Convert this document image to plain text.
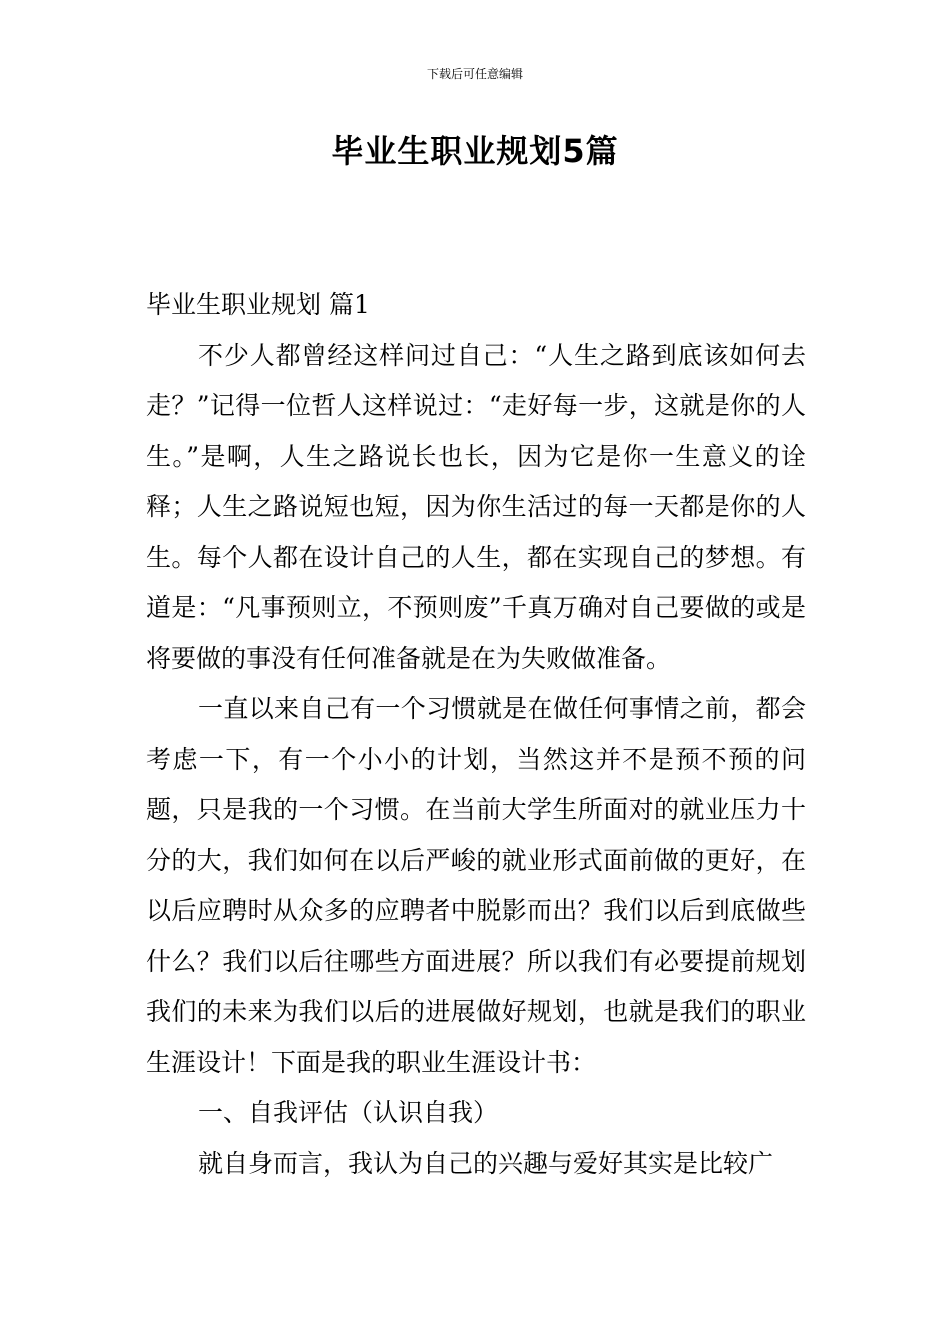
下载后可任意编辑
毕业生职业规划5篇

毕业生职业规划 篇1

不少人都曾经这样问过自己：“人生之路到底该如何去走？”记得一位哲人这样说过：“走好每一步，这就是你的人生。”是啊，人生之路说长也长，因为它是你一生意义的诠释；人生之路说短也短，因为你生活过的每一天都是你的人生。每个人都在设计自己的人生，都在实现自己的梦想。有道是：“凡事预则立，不预则废”千真万确对自己要做的或是将要做的事没有任何准备就是在为失败做准备。

一直以来自己有一个习惯就是在做任何事情之前，都会考虑一下，有一个小小的计划，当然这并不是预不预的问题，只是我的一个习惯。在当前大学生所面对的就业压力十分的大，我们如何在以后严峻的就业形式面前做的更好，在以后应聘时从众多的应聘者中脱影而出？我们以后到底做些什么？我们以后往哪些方面进展？所以我们有必要提前规划我们的未来为我们以后的进展做好规划，也就是我们的职业生涯设计！下面是我的职业生涯设计书：

一、自我评估（认识自我）

就自身而言，我认为自己的兴趣与爱好其实是比较广
